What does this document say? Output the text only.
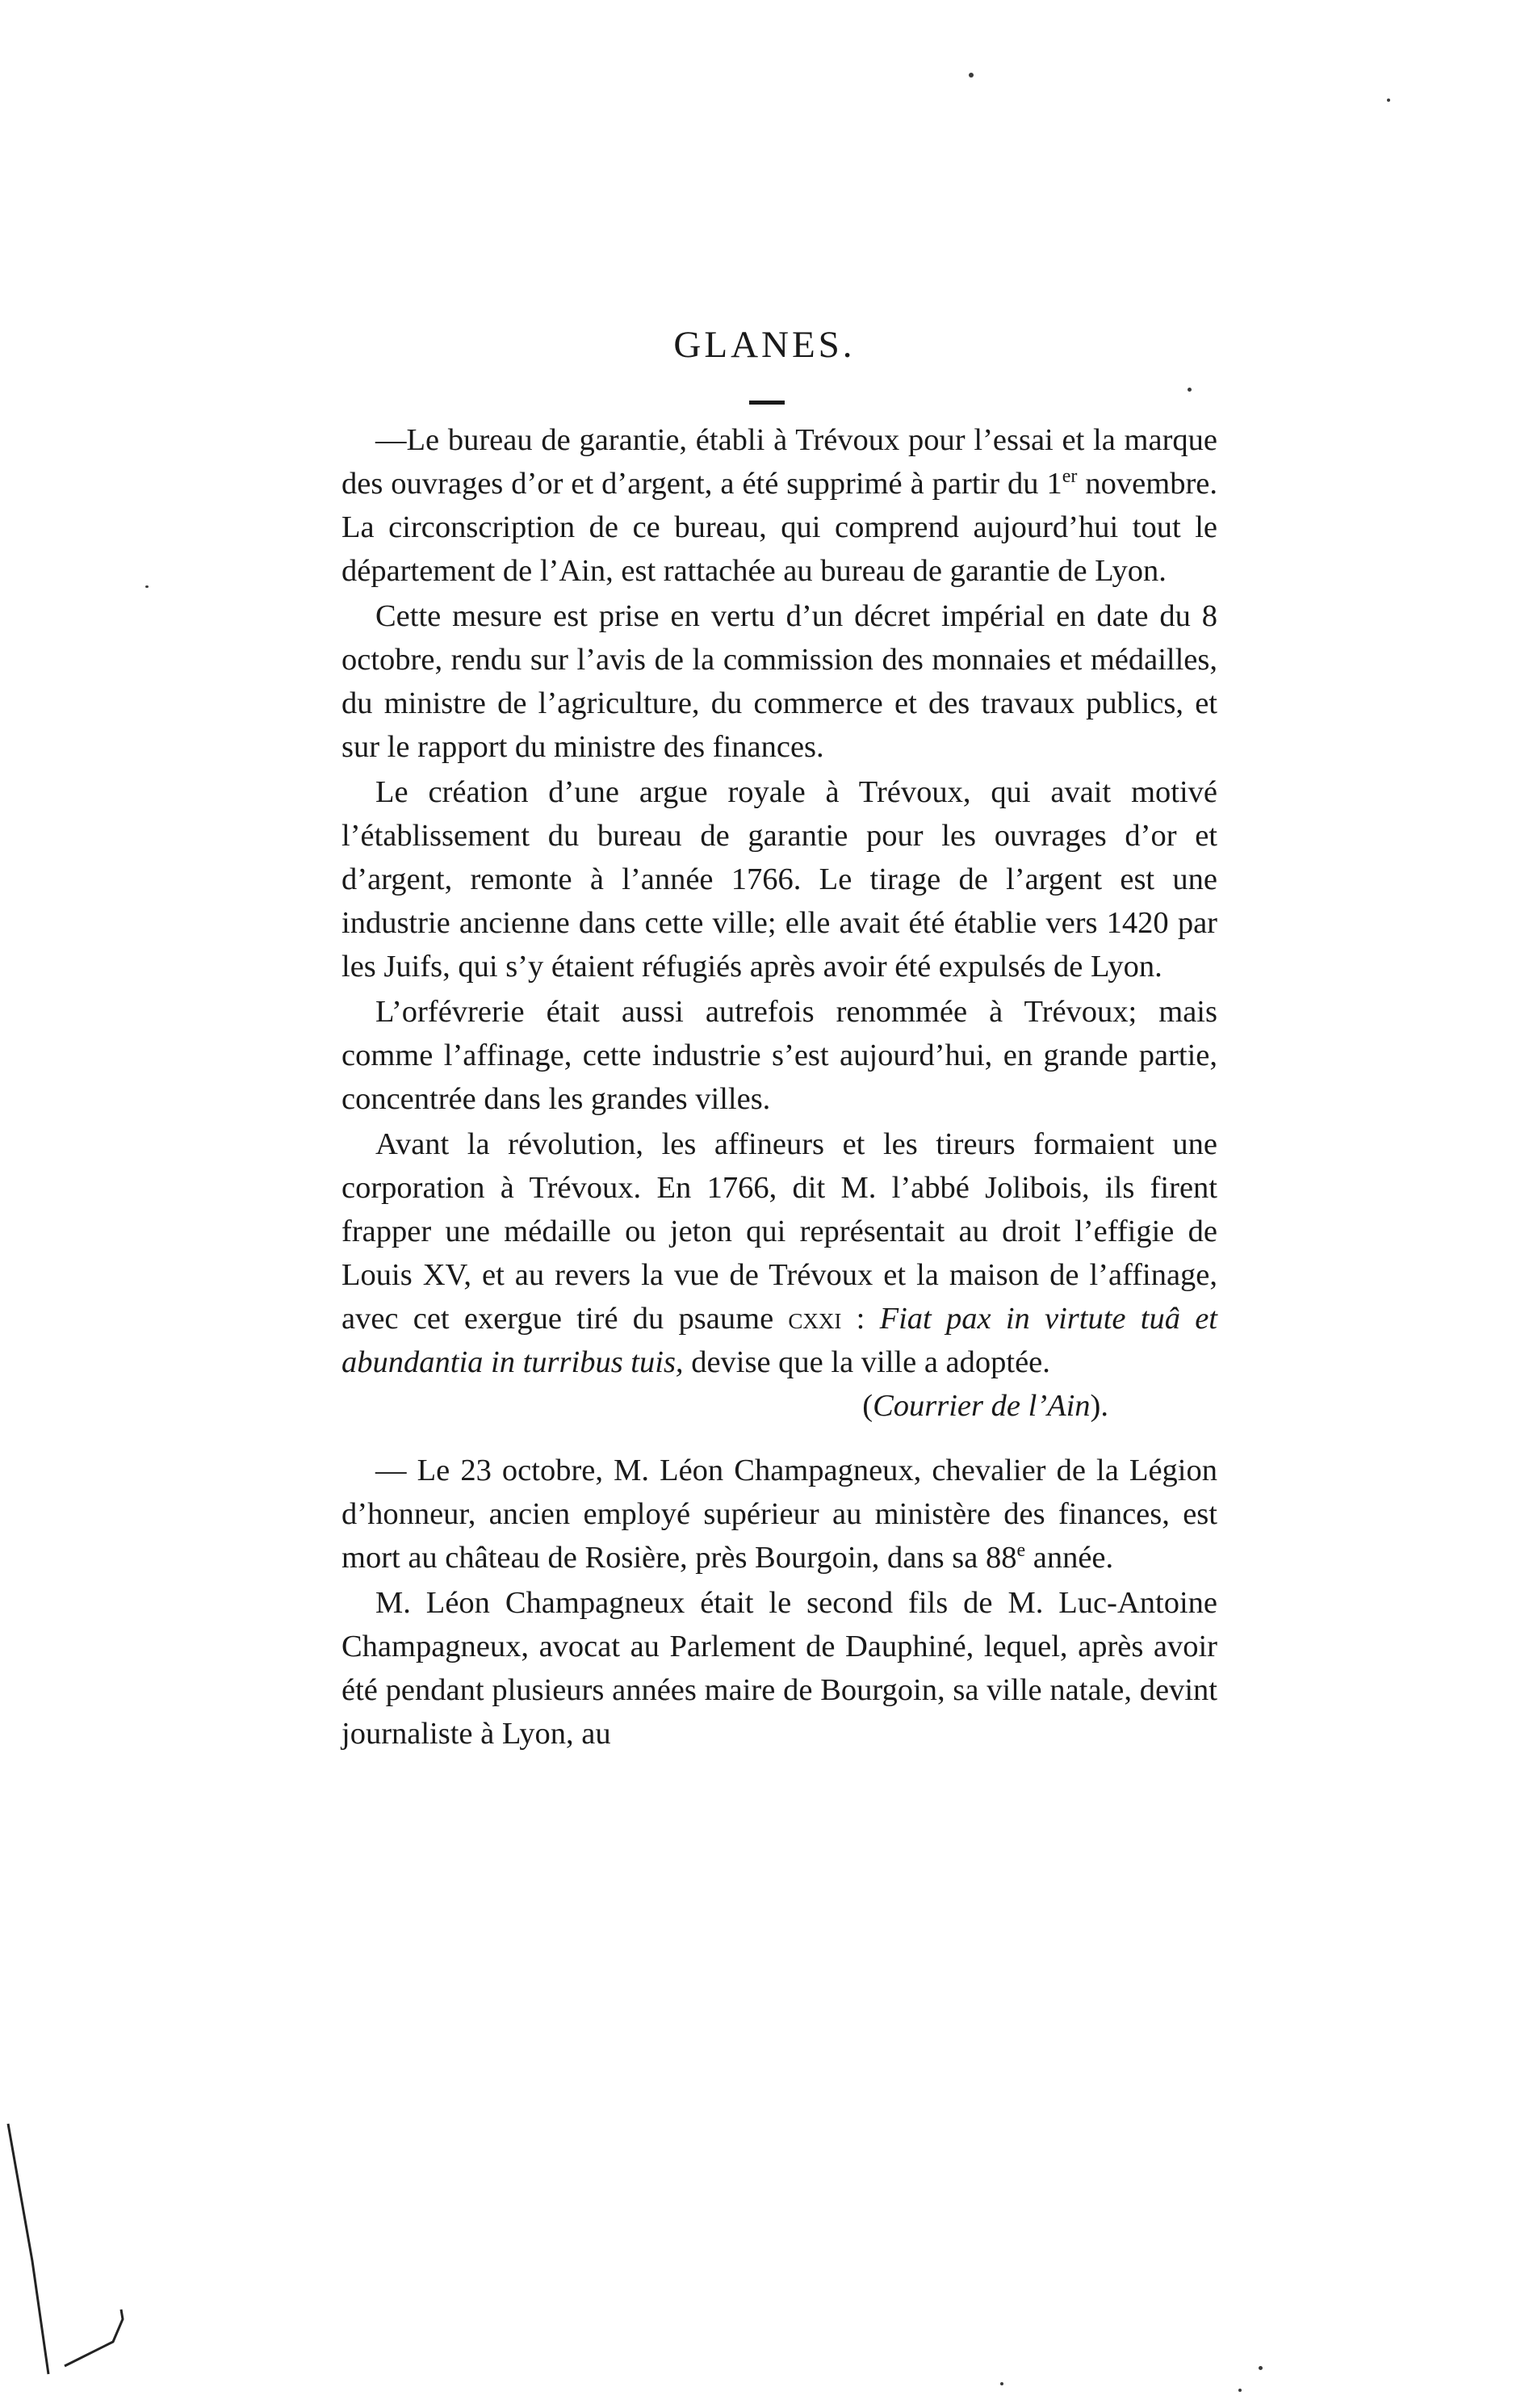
GLANES.

—Le bureau de garantie, établi à Trévoux pour l’essai et la marque des ouvrages d’or et d’argent, a été supprimé à partir du 1er novembre. La circonscription de ce bureau, qui comprend aujourd’hui tout le département de l’Ain, est rattachée au bureau de garantie de Lyon.

Cette mesure est prise en vertu d’un décret impérial en date du 8 octobre, rendu sur l’avis de la commission des monnaies et médailles, du ministre de l’agriculture, du commerce et des travaux publics, et sur le rapport du ministre des finances.

Le création d’une argue royale à Trévoux, qui avait motivé l’établissement du bureau de garantie pour les ouvrages d’or et d’argent, remonte à l’année 1766. Le tirage de l’argent est une industrie ancienne dans cette ville; elle avait été établie vers 1420 par les Juifs, qui s’y étaient réfugiés après avoir été expulsés de Lyon.

L’orfévrerie était aussi autrefois renommée à Trévoux; mais comme l’affinage, cette industrie s’est aujourd’hui, en grande partie, concentrée dans les grandes villes.

Avant la révolution, les affineurs et les tireurs formaient une corporation à Trévoux. En 1766, dit M. l’abbé Jolibois, ils firent frapper une médaille ou jeton qui représentait au droit l’effigie de Louis XV, et au revers la vue de Trévoux et la maison de l’affinage, avec cet exergue tiré du psaume cxxi : Fiat pax in virtute tuâ et abundantia in turribus tuis, devise que la ville a adoptée.

(Courrier de l’Ain).

— Le 23 octobre, M. Léon Champagneux, chevalier de la Légion d’honneur, ancien employé supérieur au ministère des finances, est mort au château de Rosière, près Bourgoin, dans sa 88e année.

M. Léon Champagneux était le second fils de M. Luc-Antoine Champagneux, avocat au Parlement de Dauphiné, lequel, après avoir été pendant plusieurs années maire de Bourgoin, sa ville natale, devint journaliste à Lyon, au
